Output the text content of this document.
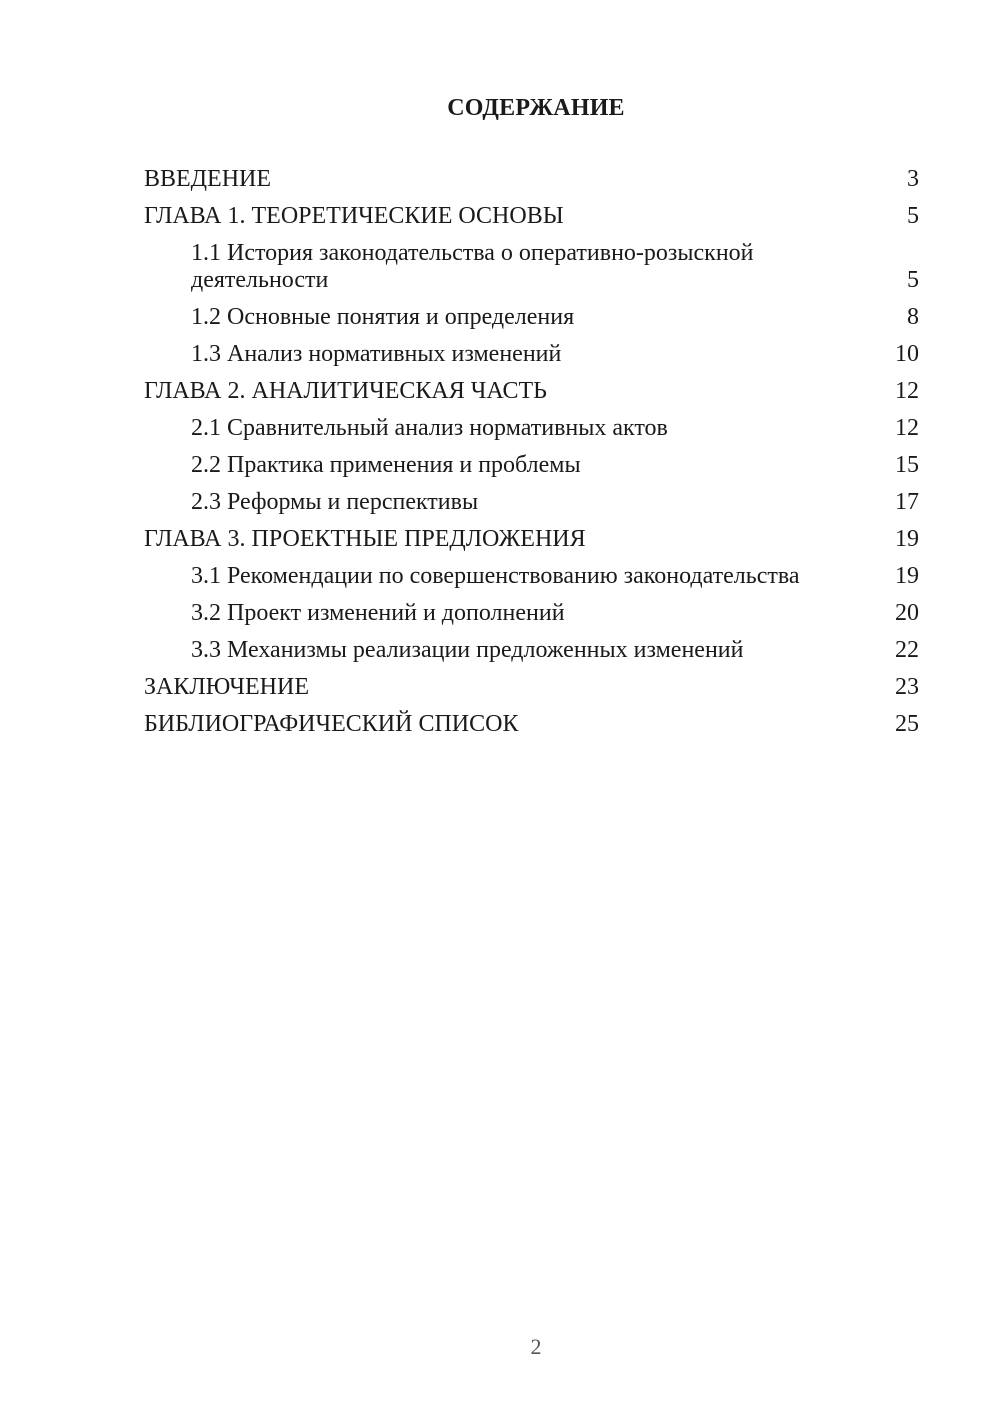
СОДЕРЖАНИЕ
ВВЕДЕНИЕ	3
ГЛАВА 1. ТЕОРЕТИЧЕСКИЕ ОСНОВЫ	5
1.1 История законодательства о оперативно-розыскной деятельности	5
1.2 Основные понятия и определения	8
1.3 Анализ нормативных изменений	10
ГЛАВА 2. АНАЛИТИЧЕСКАЯ ЧАСТЬ	12
2.1 Сравнительный анализ нормативных актов	12
2.2 Практика применения и проблемы	15
2.3 Реформы и перспективы	17
ГЛАВА 3. ПРОЕКТНЫЕ ПРЕДЛОЖЕНИЯ	19
3.1 Рекомендации по совершенствованию законодательства	19
3.2 Проект изменений и дополнений	20
3.3 Механизмы реализации предложенных изменений	22
ЗАКЛЮЧЕНИЕ	23
БИБЛИОГРАФИЧЕСКИЙ СПИСОК	25
2
